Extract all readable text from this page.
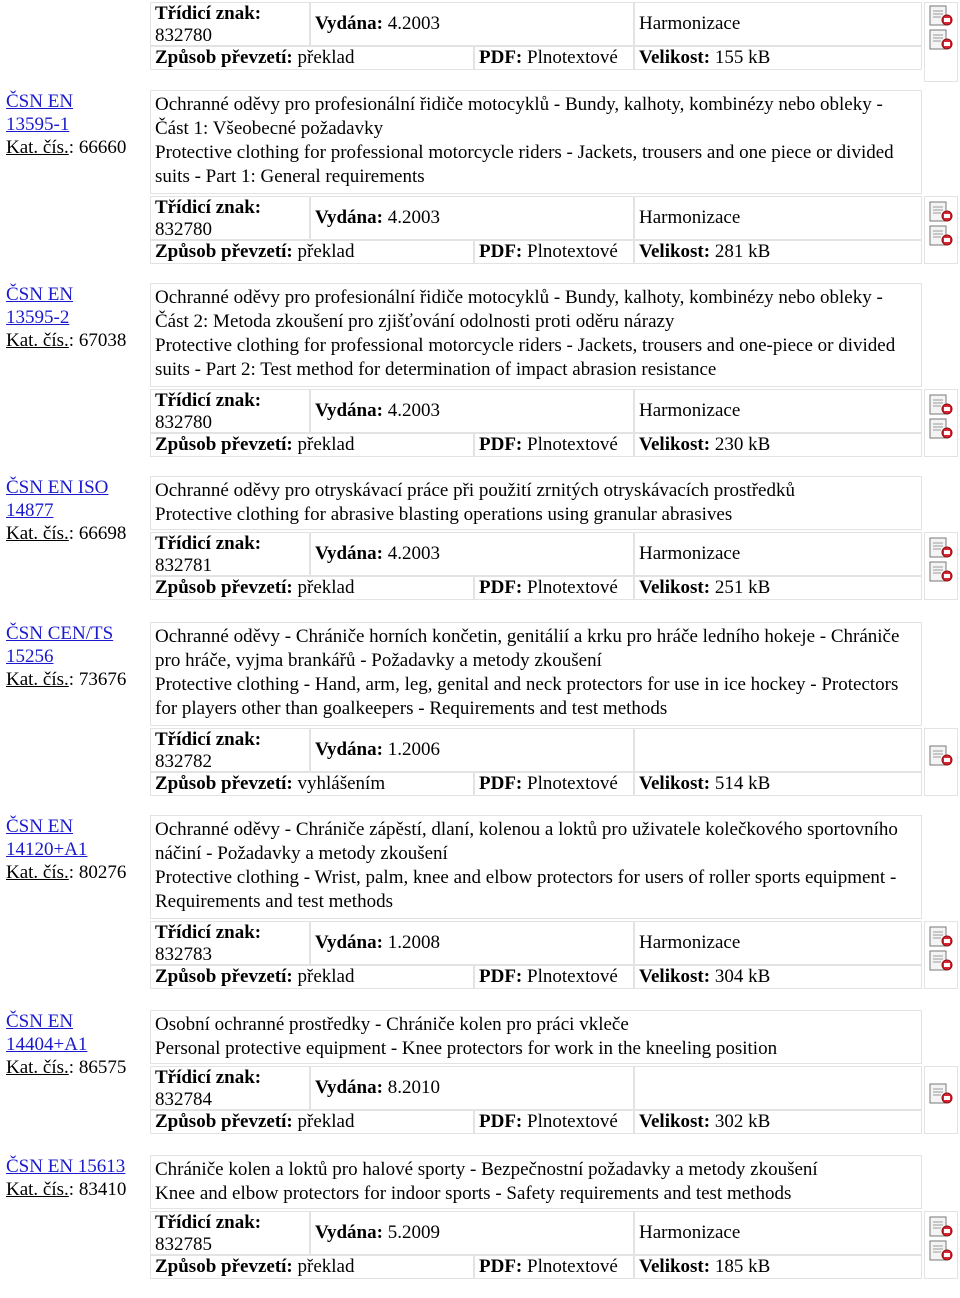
Třídicí znak:
832780
Vydána: 4.2003	Harmonizace
Způsob převzetí: překlad	PDF: Plnotextové	Velikost: 155 kB
ČSN EN
13595-1
Kat. čís.: 66660
Ochranné oděvy pro profesionální řidiče motocyklů - Bundy, kalhoty, kombinézy nebo obleky - Část 1: Všeobecné požadavky
Protective clothing for professional motorcycle riders - Jackets, trousers and one piece or divided suits - Part 1: General requirements
Třídicí znak:
832780
Vydána: 4.2003	Harmonizace
Způsob převzetí: překlad	PDF: Plnotextové	Velikost: 281 kB
ČSN EN
13595-2
Kat. čís.: 67038
Ochranné oděvy pro profesionální řidiče motocyklů - Bundy, kalhoty, kombinézy nebo obleky - Část 2: Metoda zkoušení pro zjišťování odolnosti proti oděru nárazy
Protective clothing for professional motorcycle riders - Jackets, trousers and one-piece or divided suits - Part 2: Test method for determination of impact abrasion resistance
Třídicí znak:
832780
Vydána: 4.2003	Harmonizace
Způsob převzetí: překlad	PDF: Plnotextové	Velikost: 230 kB
ČSN EN ISO
14877
Kat. čís.: 66698
Ochranné oděvy pro otryskávací práce při použití zrnitých otryskávacích prostředků
Protective clothing for abrasive blasting operations using granular abrasives
Třídicí znak:
832781
Vydána: 4.2003	Harmonizace
Způsob převzetí: překlad	PDF: Plnotextové	Velikost: 251 kB
ČSN CEN/TS
15256
Kat. čís.: 73676
Ochranné oděvy - Chrániče horních končetin, genitálií a krku pro hráče ledního hokeje - Chrániče pro hráče, vyjma brankářů - Požadavky a metody zkoušení
Protective clothing - Hand, arm, leg, genital and neck protectors for use in ice hockey - Protectors for players other than goalkeepers - Requirements and test methods
Třídicí znak:
832782
Vydána: 1.2006
Způsob převzetí: vyhlášením	PDF: Plnotextové	Velikost: 514 kB
ČSN EN
14120+A1
Kat. čís.: 80276
Ochranné oděvy - Chrániče zápěstí, dlaní, kolenou a loktů pro uživatele kolečkového sportovního náčiní - Požadavky a metody zkoušení
Protective clothing - Wrist, palm, knee and elbow protectors for users of roller sports equipment - Requirements and test methods
Třídicí znak:
832783
Vydána: 1.2008	Harmonizace
Způsob převzetí: překlad	PDF: Plnotextové	Velikost: 304 kB
ČSN EN
14404+A1
Kat. čís.: 86575
Osobní ochranné prostředky - Chrániče kolen pro práci vkleče
Personal protective equipment - Knee protectors for work in the kneeling position
Třídicí znak:
832784
Vydána: 8.2010
Způsob převzetí: překlad	PDF: Plnotextové	Velikost: 302 kB
ČSN EN 15613
Kat. čís.: 83410
Chrániče kolen a loktů pro halové sporty - Bezpečnostní požadavky a metody zkoušení
Knee and elbow protectors for indoor sports - Safety requirements and test methods
Třídicí znak:
832785
Vydána: 5.2009	Harmonizace
Způsob převzetí: překlad	PDF: Plnotextové	Velikost: 185 kB
